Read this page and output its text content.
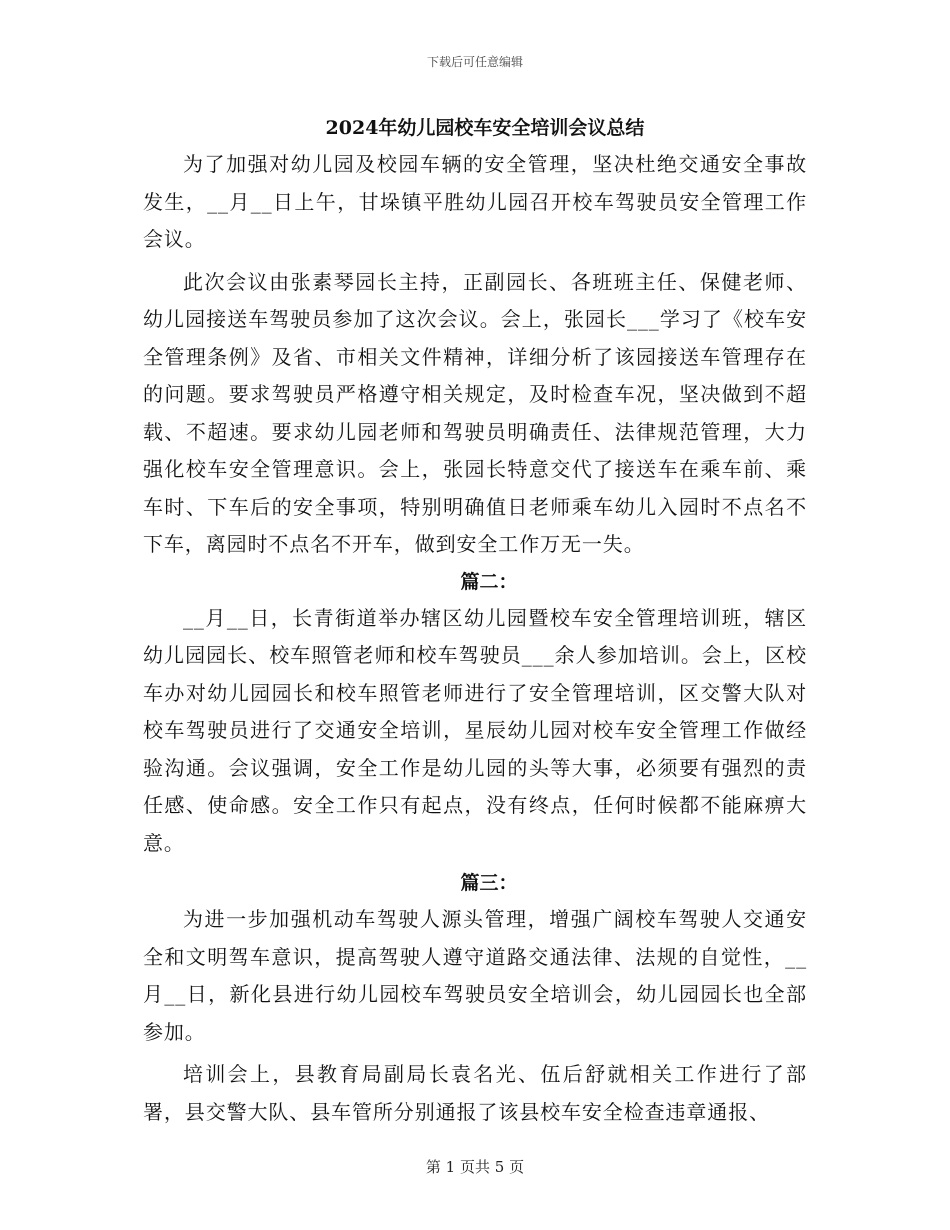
下载后可任意编辑
2024年幼儿园校车安全培训会议总结

为了加强对幼儿园及校园车辆的安全管理，坚决杜绝交通安全事故发生，__月__日上午，甘垛镇平胜幼儿园召开校车驾驶员安全管理工作会议。

此次会议由张素琴园长主持，正副园长、各班班主任、保健老师、幼儿园接送车驾驶员参加了这次会议。会上，张园长___学习了《校车安全管理条例》及省、市相关文件精神，详细分析了该园接送车管理存在的问题。要求驾驶员严格遵守相关规定，及时检查车况，坚决做到不超载、不超速。要求幼儿园老师和驾驶员明确责任、法律规范管理，大力强化校车安全管理意识。会上，张园长特意交代了接送车在乘车前、乘车时、下车后的安全事项，特别明确值日老师乘车幼儿入园时不点名不下车，离园时不点名不开车，做到安全工作万无一失。

篇二：

__月__日，长青街道举办辖区幼儿园暨校车安全管理培训班，辖区幼儿园园长、校车照管老师和校车驾驶员___余人参加培训。会上，区校车办对幼儿园园长和校车照管老师进行了安全管理培训，区交警大队对校车驾驶员进行了交通安全培训，星辰幼儿园对校车安全管理工作做经验沟通。会议强调，安全工作是幼儿园的头等大事，必须要有强烈的责任感、使命感。安全工作只有起点，没有终点，任何时候都不能麻痹大意。

篇三：

为进一步加强机动车驾驶人源头管理，增强广阔校车驾驶人交通安全和文明驾车意识，提高驾驶人遵守道路交通法律、法规的自觉性，__月__日，新化县进行幼儿园校车驾驶员安全培训会，幼儿园园长也全部参加。

培训会上，县教育局副局长袁名光、伍后舒就相关工作进行了部署，县交警大队、县车管所分别通报了该县校车安全检查违章通报、

第 1 页共 5 页
